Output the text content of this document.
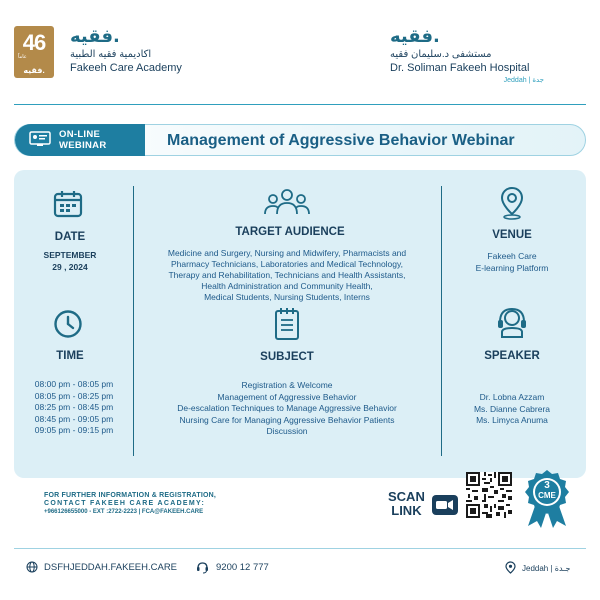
46
عاماً
فقيه.
فقيه.
اكاديمية فقيه الطبية
Fakeeh Care Academy
فقيه.
مستشفى د.سليمان فقيه
Dr. Soliman Fakeeh Hospital
Jeddah | جدة
ON-LINE
WEBINAR	Management of Aggressive Behavior Webinar
DATE
SEPTEMBER
29 , 2024
TARGET AUDIENCE
Medicine and Surgery, Nursing and Midwifery, Pharmacists and
Pharmacy Technicians, Laboratories and Medical Technology,
Therapy and Rehabilitation, Technicians and Health Assistants,
Health Administration and Community Health,
Medical Students, Nursing Students, Interns
VENUE
Fakeeh Care
E-learning Platform
TIME
08:00 pm - 08:05 pm
08:05 pm - 08:25 pm
08:25 pm - 08:45 pm
08:45 pm - 09:05 pm
09:05 pm - 09:15 pm
SUBJECT
Registration & Welcome
Management of Aggressive Behavior
De-escalation Techniques to Manage Aggressive Behavior
Nursing Care for Managing Aggressive Behavior Patients
Discussion
SPEAKER
Dr. Lobna Azzam
Ms. Dianne Cabrera
Ms. Limyca Anuma
FOR FURTHER INFORMATION & REGISTRATION,
CONTACT FAKEEH CARE ACADEMY:
+966126655000 - EXT :2722-2223 | FCA@FAKEEH.CARE
SCAN
LINK
3
CME
DSFHJEDDAH.FAKEEH.CARE	9200 12 777	Jeddah | جـدة
